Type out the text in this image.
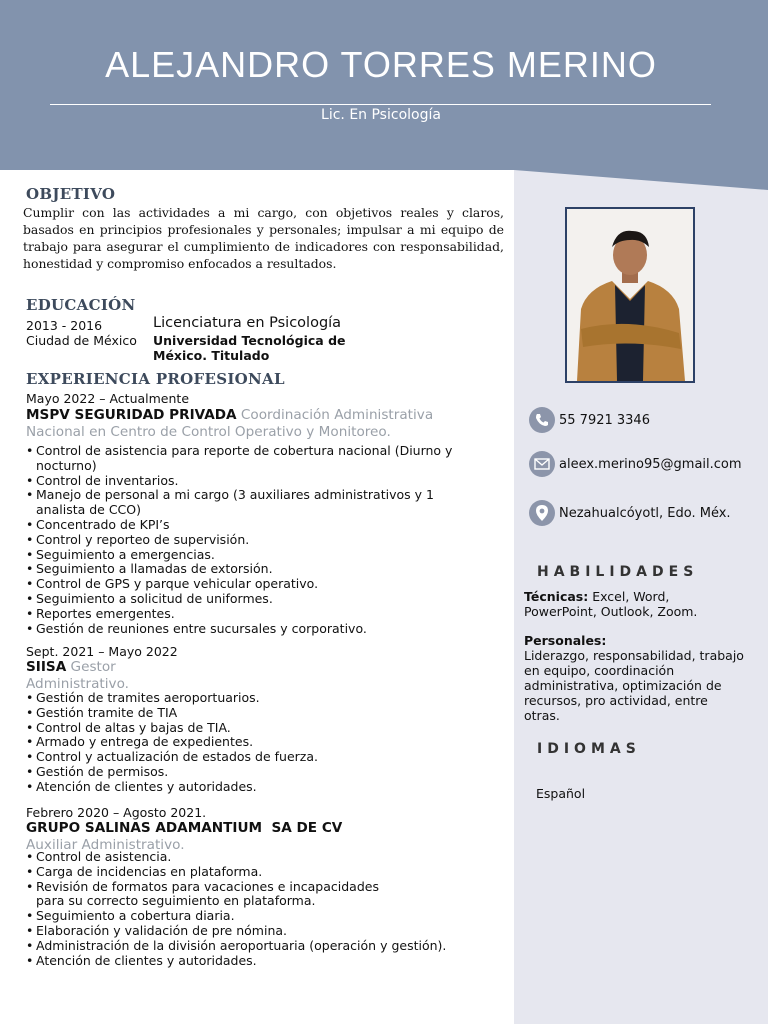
ALEJANDRO TORRES MERINO
Lic. En Psicología
55 7921 3346
aleex.merino95@gmail.com
Nezahualcóyotl, Edo. Méx.
HABILIDADES
Técnicas: Excel, Word, PowerPoint, Outlook, Zoom.
Personales:
Liderazgo, responsabilidad, trabajo en equipo, coordinación administrativa, optimización de recursos, pro actividad, entre otras.
IDIOMAS
Español
OBJETIVO
Cumplir con las actividades a mi cargo, con objetivos reales y claros, basados en principios profesionales y personales; impulsar a mi equipo de trabajo para asegurar el cumplimiento de indicadores con responsabilidad, honestidad y compromiso enfocados a resultados.
EDUCACIÓN
2013 - 2016
Ciudad de México
Licenciatura en Psicología
Universidad Tecnológica de México. Titulado
EXPERIENCIA PROFESIONAL
Mayo 2022 – Actualmente
MSPV SEGURIDAD PRIVADA Coordinación Administrativa Nacional en Centro de Control Operativo y Monitoreo.
• Control de asistencia para reporte de cobertura nacional (Diurno y nocturno)
• Control de inventarios.
• Manejo de personal a mi cargo (3 auxiliares administrativos y 1 analista de CCO)
• Concentrado de KPI’s
• Control y reporteo de supervisión.
• Seguimiento a emergencias.
• Seguimiento a llamadas de extorsión.
• Control de GPS y parque vehicular operativo.
• Seguimiento a solicitud de uniformes.
• Reportes emergentes.
• Gestión de reuniones entre sucursales y corporativo.
Sept. 2021 – Mayo 2022
SIISA Gestor Administrativo.
• Gestión de tramites aeroportuarios.
• Gestión tramite de TIA
• Control de altas y bajas de TIA.
• Armado y entrega de expedientes.
• Control y actualización de estados de fuerza.
• Gestión de permisos.
• Atención de clientes y autoridades.
Febrero 2020 – Agosto 2021.
GRUPO SALINAS ADAMANTIUM  SA DE CV
Auxiliar Administrativo.
• Control de asistencia.
• Carga de incidencias en plataforma.
• Revisión de formatos para vacaciones e incapacidades para su correcto seguimiento en plataforma.
• Seguimiento a cobertura diaria.
• Elaboración y validación de pre nómina.
• Administración de la división aeroportuaria (operación y gestión).
• Atención de clientes y autoridades.
